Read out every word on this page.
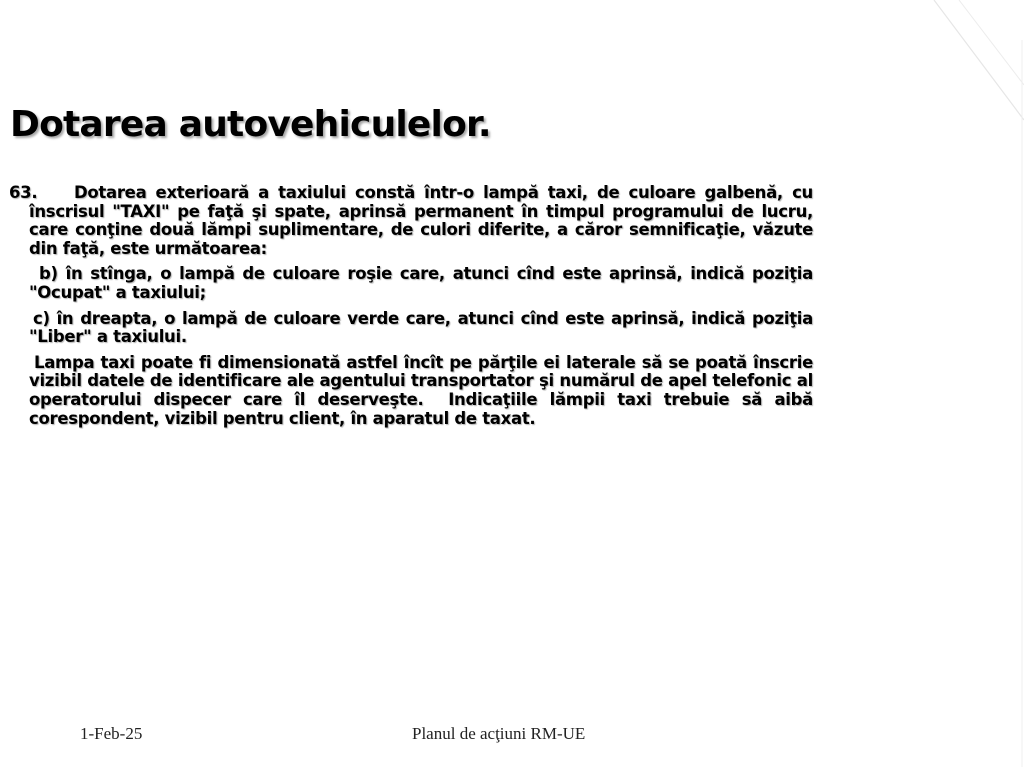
Dotarea autovehiculelor.

63.    Dotarea exterioară a taxiului constă într-o lampă taxi, de culoare galbenă, cu înscrisul "TAXI" pe faţă şi spate, aprinsă permanent în timpul programului de lucru, care conţine două lămpi suplimentare, de culori diferite, a căror semnificaţie, văzute din faţă, este următoarea:

b) în stînga, o lampă de culoare roşie care, atunci cînd este aprinsă, indică poziţia "Ocupat" a taxiului;

c) în dreapta, o lampă de culoare verde care, atunci cînd este aprinsă, indică poziţia "Liber" a taxiului.

Lampa taxi poate fi dimensionată astfel încît pe părţile ei laterale să se poată înscrie vizibil datele de identificare ale agentului transportator şi numărul de apel telefonic al operatorului dispecer care îl deserveşte.  Indicaţiile lămpii taxi trebuie să aibă corespondent, vizibil pentru client, în aparatul de taxat.

1-Feb-25	Planul de acţiuni RM-UE
